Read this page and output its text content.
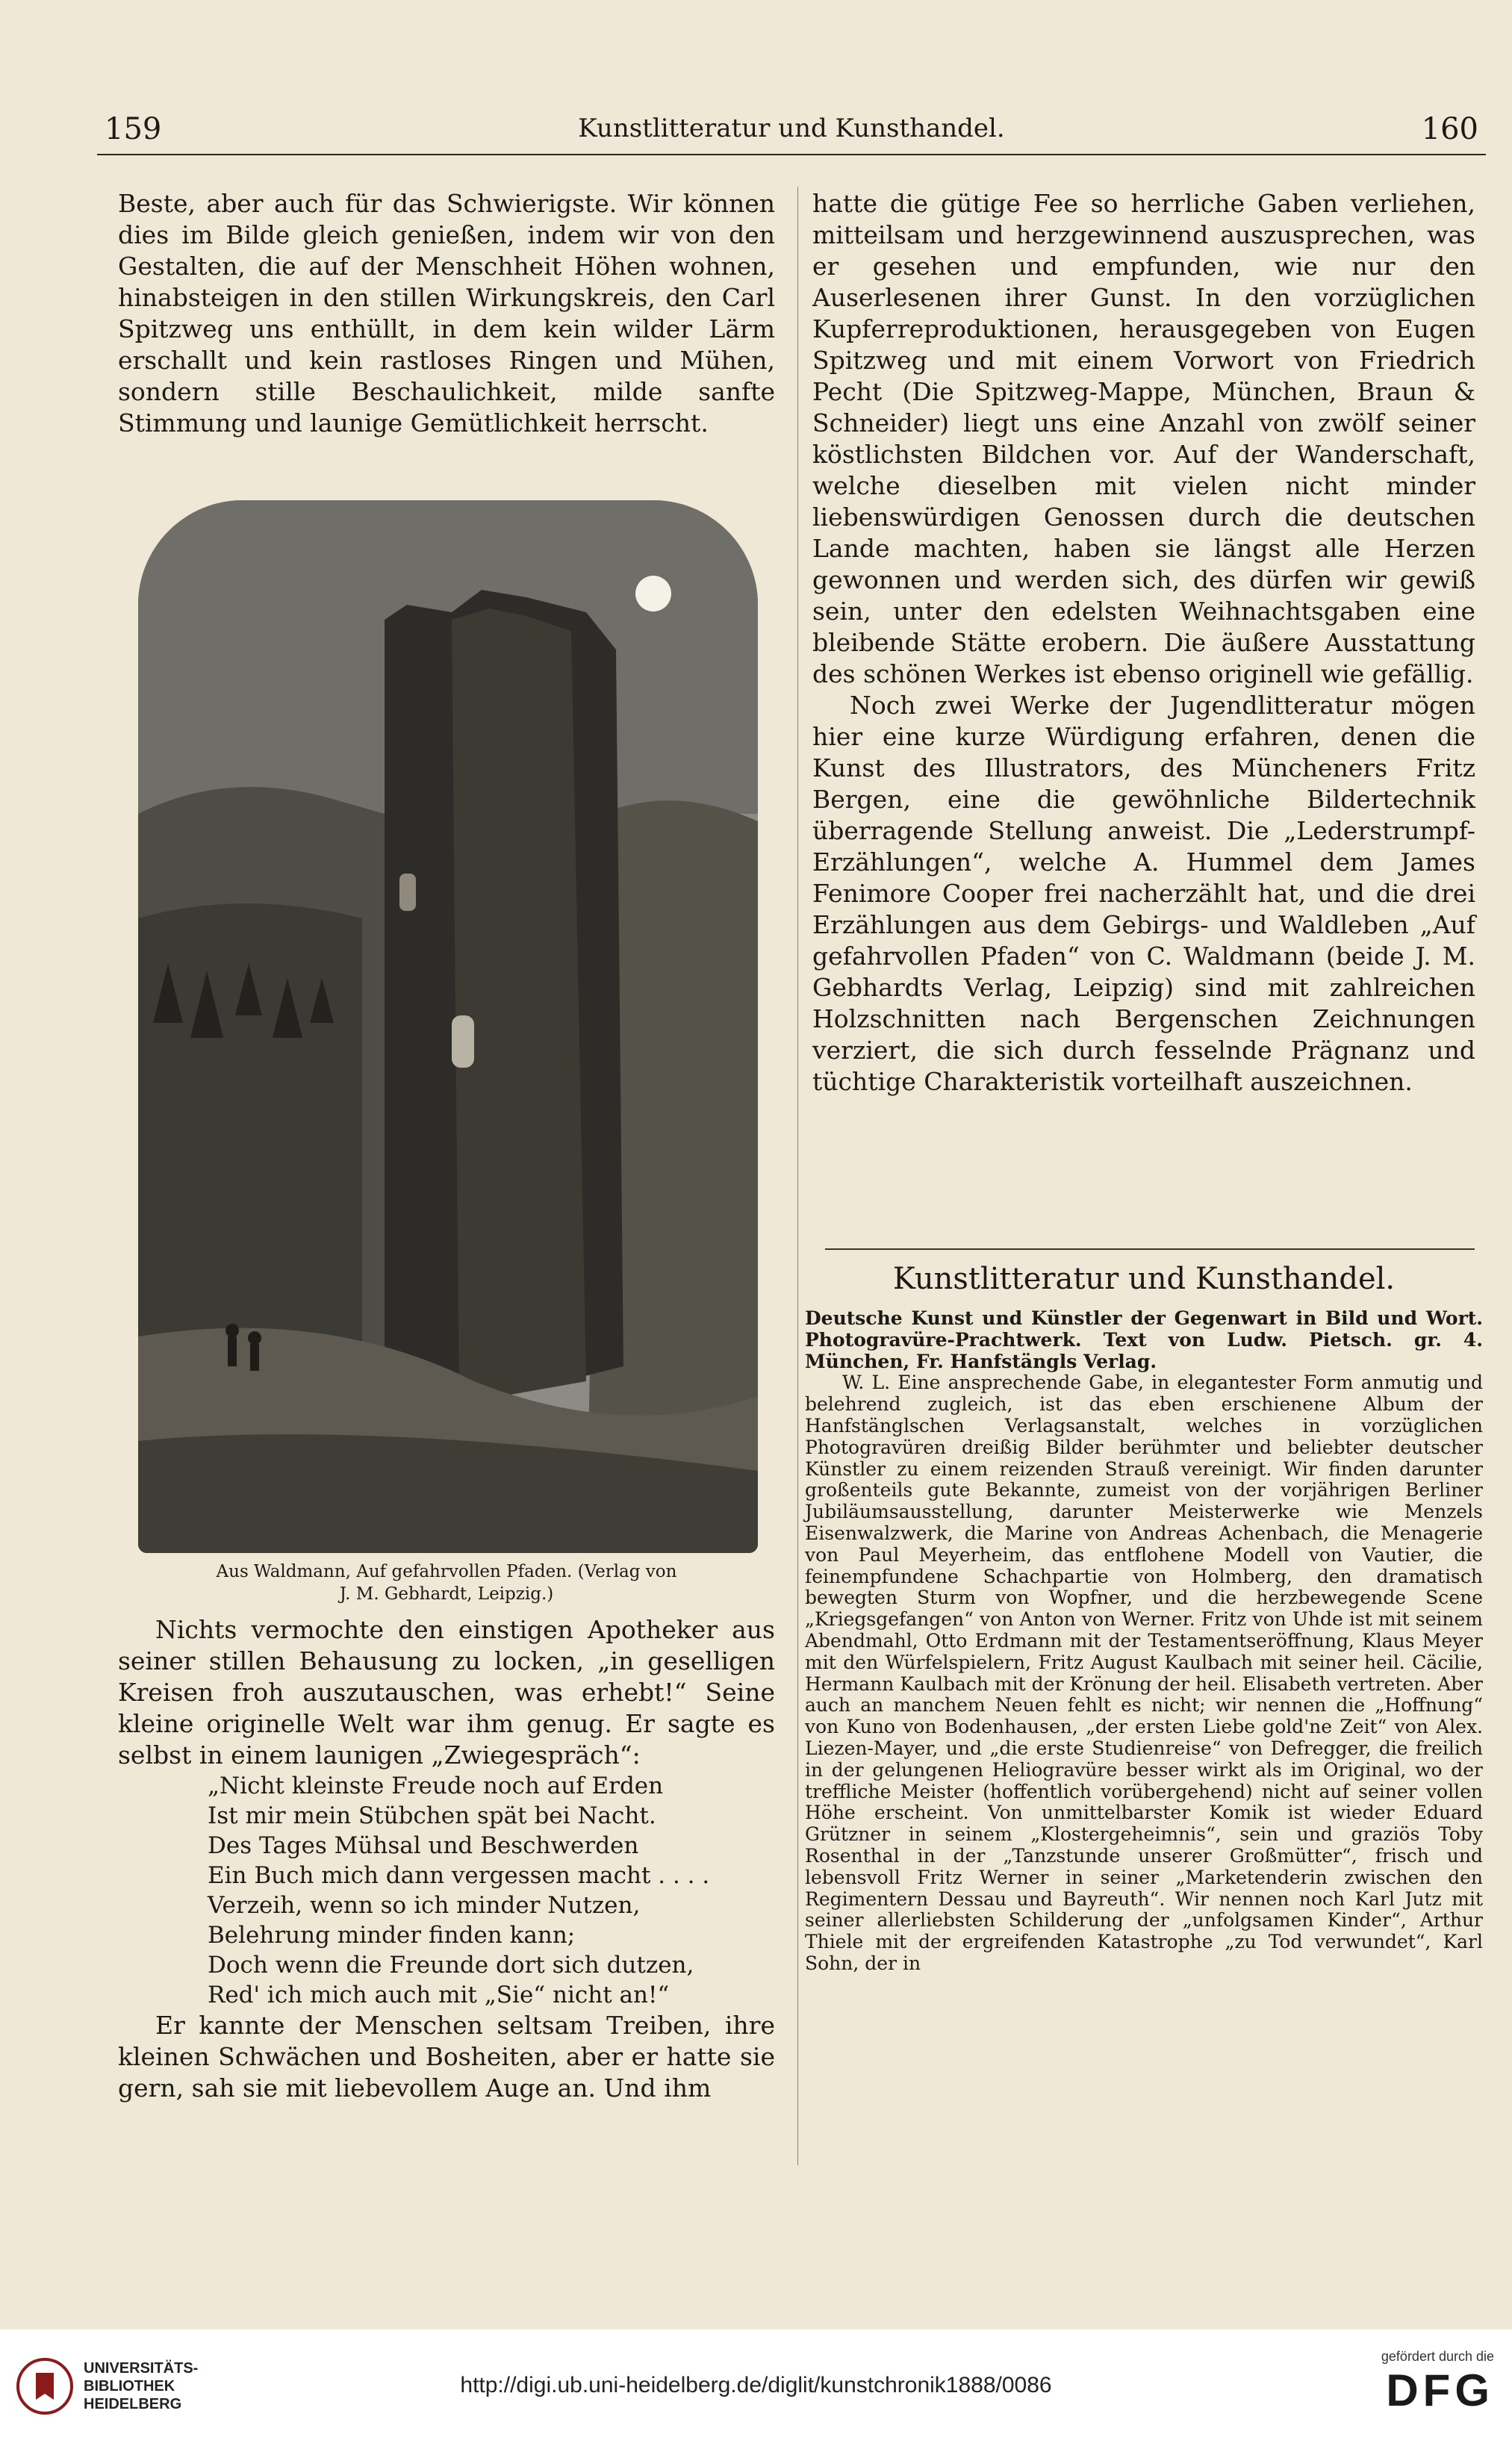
159	Kunstlitteratur und Kunsthandel.	160

Beste, aber auch für das Schwierigste. Wir können dies im Bilde gleich genießen, indem wir von den Gestalten, die auf der Menschheit Höhen wohnen, hinabsteigen in den stillen Wirkungskreis, den Carl Spitzweg uns enthüllt, in dem kein wilder Lärm erschallt und kein rastloses Ringen und Mühen, sondern stille Beschaulichkeit, milde sanfte Stimmung und launige Gemütlichkeit herrscht.

Aus Waldmann, Auf gefahrvollen Pfaden. (Verlag von
J. M. Gebhardt, Leipzig.)

Nichts vermochte den einstigen Apotheker aus seiner stillen Behausung zu locken, „in geselligen Kreisen froh auszutauschen, was erhebt!“ Seine kleine originelle Welt war ihm genug. Er sagte es selbst in einem launigen „Zwiegespräch“:

„Nicht kleinste Freude noch auf Erden
Ist mir mein Stübchen spät bei Nacht.
Des Tages Mühsal und Beschwerden
Ein Buch mich dann vergessen macht . . . .
Verzeih, wenn so ich minder Nutzen,
Belehrung minder finden kann;
Doch wenn die Freunde dort sich dutzen,
Red' ich mich auch mit „Sie“ nicht an!“

Er kannte der Menschen seltsam Treiben, ihre kleinen Schwächen und Bosheiten, aber er hatte sie gern, sah sie mit liebevollem Auge an. Und ihm

hatte die gütige Fee so herrliche Gaben verliehen, mitteilsam und herzgewinnend auszusprechen, was er gesehen und empfunden, wie nur den Auserlesenen ihrer Gunst. In den vorzüglichen Kupferreproduktionen, herausgegeben von Eugen Spitzweg und mit einem Vorwort von Friedrich Pecht (Die Spitzweg-Mappe, München, Braun & Schneider) liegt uns eine Anzahl von zwölf seiner köstlichsten Bildchen vor. Auf der Wanderschaft, welche dieselben mit vielen nicht minder liebenswürdigen Genossen durch die deutschen Lande machten, haben sie längst alle Herzen gewonnen und werden sich, des dürfen wir gewiß sein, unter den edelsten Weihnachtsgaben eine bleibende Stätte erobern. Die äußere Ausstattung des schönen Werkes ist ebenso originell wie gefällig.

Noch zwei Werke der Jugendlitteratur mögen hier eine kurze Würdigung erfahren, denen die Kunst des Illustrators, des Müncheners Fritz Bergen, eine die gewöhnliche Bildertechnik überragende Stellung anweist. Die „Lederstrumpf-Erzählungen“, welche A. Hummel dem James Fenimore Cooper frei nacherzählt hat, und die drei Erzählungen aus dem Gebirgs- und Waldleben „Auf gefahrvollen Pfaden“ von C. Waldmann (beide J. M. Gebhardts Verlag, Leipzig) sind mit zahlreichen Holzschnitten nach Bergenschen Zeichnungen verziert, die sich durch fesselnde Prägnanz und tüchtige Charakteristik vorteilhaft auszeichnen.

Kunstlitteratur und Kunsthandel.

Deutsche Kunst und Künstler der Gegenwart in Bild und Wort. Photogravüre-Prachtwerk. Text von Ludw. Pietsch. gr. 4. München, Fr. Hanfstängls Verlag.

W. L. Eine ansprechende Gabe, in elegantester Form anmutig und belehrend zugleich, ist das eben erschienene Album der Hanfstänglschen Verlagsanstalt, welches in vorzüglichen Photogravüren dreißig Bilder berühmter und beliebter deutscher Künstler zu einem reizenden Strauß vereinigt. Wir finden darunter großenteils gute Bekannte, zumeist von der vorjährigen Berliner Jubiläumsausstellung, darunter Meisterwerke wie Menzels Eisenwalzwerk, die Marine von Andreas Achenbach, die Menagerie von Paul Meyerheim, das entflohene Modell von Vautier, die feinempfundene Schachpartie von Holmberg, den dramatisch bewegten Sturm von Wopfner, und die herzbewegende Scene „Kriegsgefangen“ von Anton von Werner. Fritz von Uhde ist mit seinem Abendmahl, Otto Erdmann mit der Testamentseröffnung, Klaus Meyer mit den Würfelspielern, Fritz August Kaulbach mit seiner heil. Cäcilie, Hermann Kaulbach mit der Krönung der heil. Elisabeth vertreten. Aber auch an manchem Neuen fehlt es nicht; wir nennen die „Hoffnung“ von Kuno von Bodenhausen, „der ersten Liebe gold'ne Zeit“ von Alex. Liezen-Mayer, und „die erste Studienreise“ von Defregger, die freilich in der gelungenen Heliogravüre besser wirkt als im Original, wo der treffliche Meister (hoffentlich vorübergehend) nicht auf seiner vollen Höhe erscheint. Von unmittelbarster Komik ist wieder Eduard Grützner in seinem „Klostergeheimnis“, sein und graziös Toby Rosenthal in der „Tanzstunde unserer Großmütter“, frisch und lebensvoll Fritz Werner in seiner „Marketenderin zwischen den Regimentern Dessau und Bayreuth“. Wir nennen noch Karl Jutz mit seiner allerliebsten Schilderung der „unfolgsamen Kinder“, Arthur Thiele mit der ergreifenden Katastrophe „zu Tod verwundet“, Karl Sohn, der in

UNIVERSITÄTS-
BIBLIOTHEK
HEIDELBERG
http://digi.ub.uni-heidelberg.de/diglit/kunstchronik1888/0086
gefördert durch die
DFG
